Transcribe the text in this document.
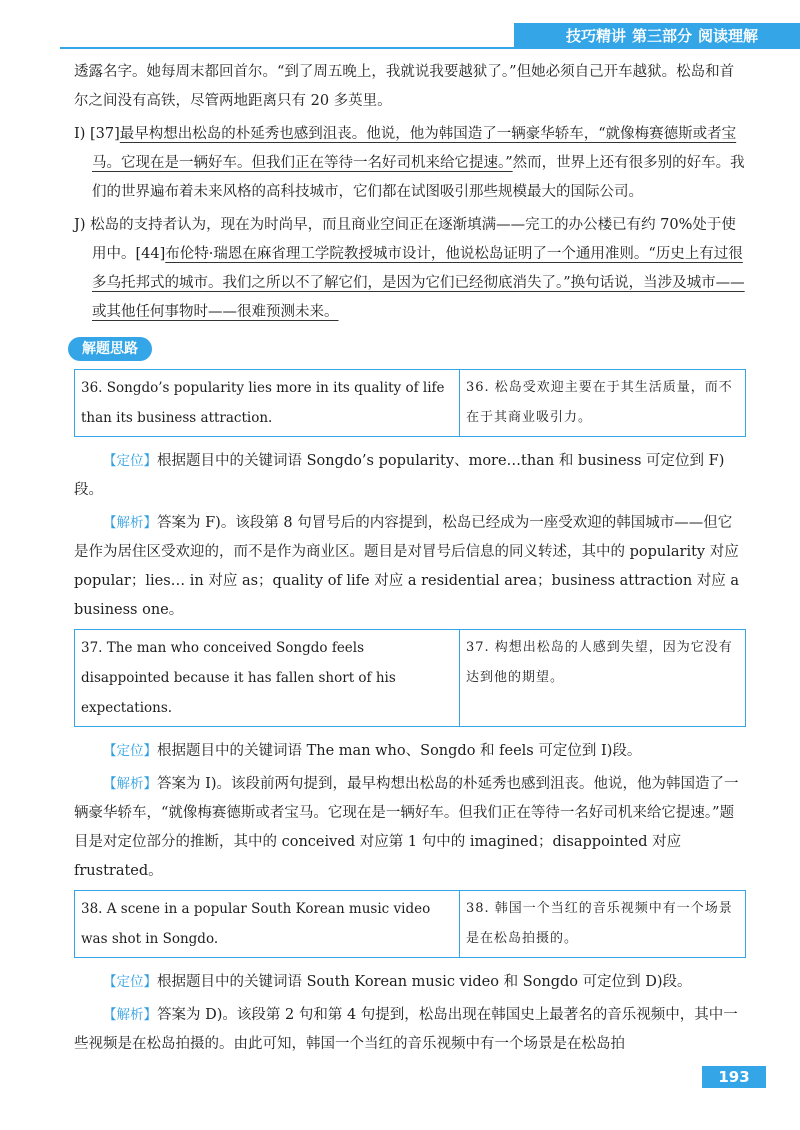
技巧精讲 第三部分 阅读理解

透露名字。她每周末都回首尔。“到了周五晚上，我就说我要越狱了。”但她必须自己开车越狱。松岛和首尔之间没有高铁，尽管两地距离只有 20 多英里。

I) [37]最早构想出松岛的朴延秀也感到沮丧。他说，他为韩国造了一辆豪华轿车，“就像梅赛德斯或者宝马。它现在是一辆好车。但我们正在等待一名好司机来给它提速。”然而，世界上还有很多别的好车。我们的世界遍布着未来风格的高科技城市，它们都在试图吸引那些规模最大的国际公司。

J) 松岛的支持者认为，现在为时尚早，而且商业空间正在逐渐填满——完工的办公楼已有约 70%处于使用中。[44]布伦特·瑞恩在麻省理工学院教授城市设计，他说松岛证明了一个通用准则。“历史上有过很多乌托邦式的城市。我们之所以不了解它们，是因为它们已经彻底消失了。”换句话说，当涉及城市——或其他任何事物时——很难预测未来。

解题思路
36. Songdo’s popularity lies more in its quality of life than its business attraction.	36. 松岛受欢迎主要在于其生活质量，而不在于其商业吸引力。

【定位】根据题目中的关键词语 Songdo’s popularity、more…than 和 business 可定位到 F)段。

【解析】答案为 F)。该段第 8 句冒号后的内容提到，松岛已经成为一座受欢迎的韩国城市——但它是作为居住区受欢迎的，而不是作为商业区。题目是对冒号后信息的同义转述，其中的 popularity 对应 popular；lies… in 对应 as；quality of life 对应 a residential area；business attraction 对应 a business one。

37. The man who conceived Songdo feels disappointed because it has fallen short of his expectations.	37. 构想出松岛的人感到失望，因为它没有达到他的期望。

【定位】根据题目中的关键词语 The man who、Songdo 和 feels 可定位到 I)段。

【解析】答案为 I)。该段前两句提到，最早构想出松岛的朴延秀也感到沮丧。他说，他为韩国造了一辆豪华轿车，“就像梅赛德斯或者宝马。它现在是一辆好车。但我们正在等待一名好司机来给它提速。”题目是对定位部分的推断，其中的 conceived 对应第 1 句中的 imagined；disappointed 对应 frustrated。

38. A scene in a popular South Korean music video was shot in Songdo.	38. 韩国一个当红的音乐视频中有一个场景是在松岛拍摄的。

【定位】根据题目中的关键词语 South Korean music video 和 Songdo 可定位到 D)段。

【解析】答案为 D)。该段第 2 句和第 4 句提到，松岛出现在韩国史上最著名的音乐视频中，其中一些视频是在松岛拍摄的。由此可知，韩国一个当红的音乐视频中有一个场景是在松岛拍

193
